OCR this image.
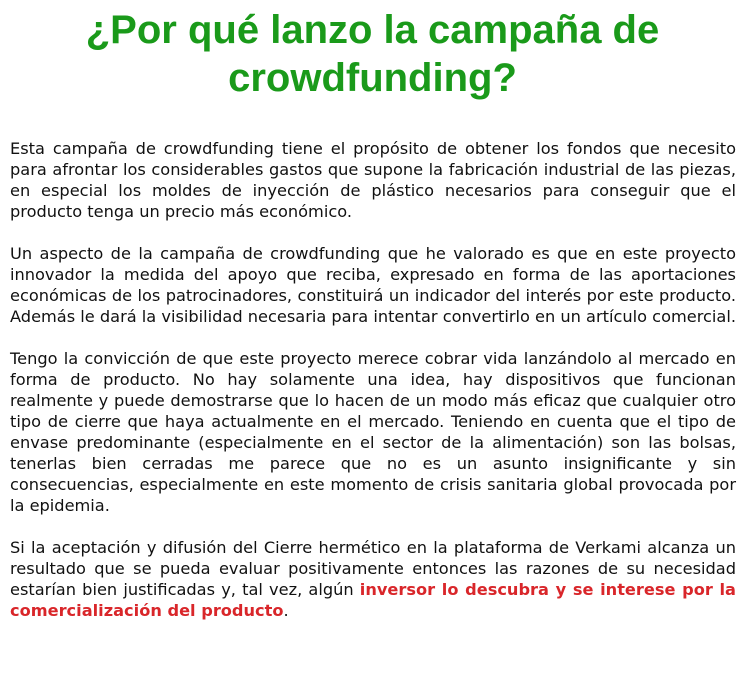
¿Por qué lanzo la campaña de crowdfunding?

Esta campaña de crowdfunding tiene el propósito de obtener los fondos que necesito para afrontar los considerables gastos que supone la fabricación industrial de las piezas, en especial los moldes de inyección de plástico necesarios para conseguir que el producto tenga un precio más económico.

Un aspecto de la campaña de crowdfunding que he valorado es que en este proyecto innovador la medida del apoyo que reciba, expresado en forma de las aportaciones económicas de los patrocinadores, constituirá un indicador del interés por este producto. Además le dará la visibilidad necesaria para intentar convertirlo en un artículo comercial.

Tengo la convicción de que este proyecto merece cobrar vida lanzándolo al mercado en forma de producto. No hay solamente una idea, hay dispositivos que funcionan realmente y puede demostrarse que lo hacen de un modo más eficaz que cualquier otro tipo de cierre que haya actualmente en el mercado. Teniendo en cuenta que el tipo de envase predominante (especialmente en el sector de la alimentación) son las bolsas, tenerlas bien cerradas me parece que no es un asunto insignificante y sin consecuencias, especialmente en este momento de crisis sanitaria global provocada por la epidemia.

Si la aceptación y difusión del Cierre hermético en la plataforma de Verkami alcanza un resultado que se pueda evaluar positivamente entonces las razones de su necesidad estarían bien justificadas y, tal vez, algún inversor lo descubra y se interese por la comercialización del producto.
